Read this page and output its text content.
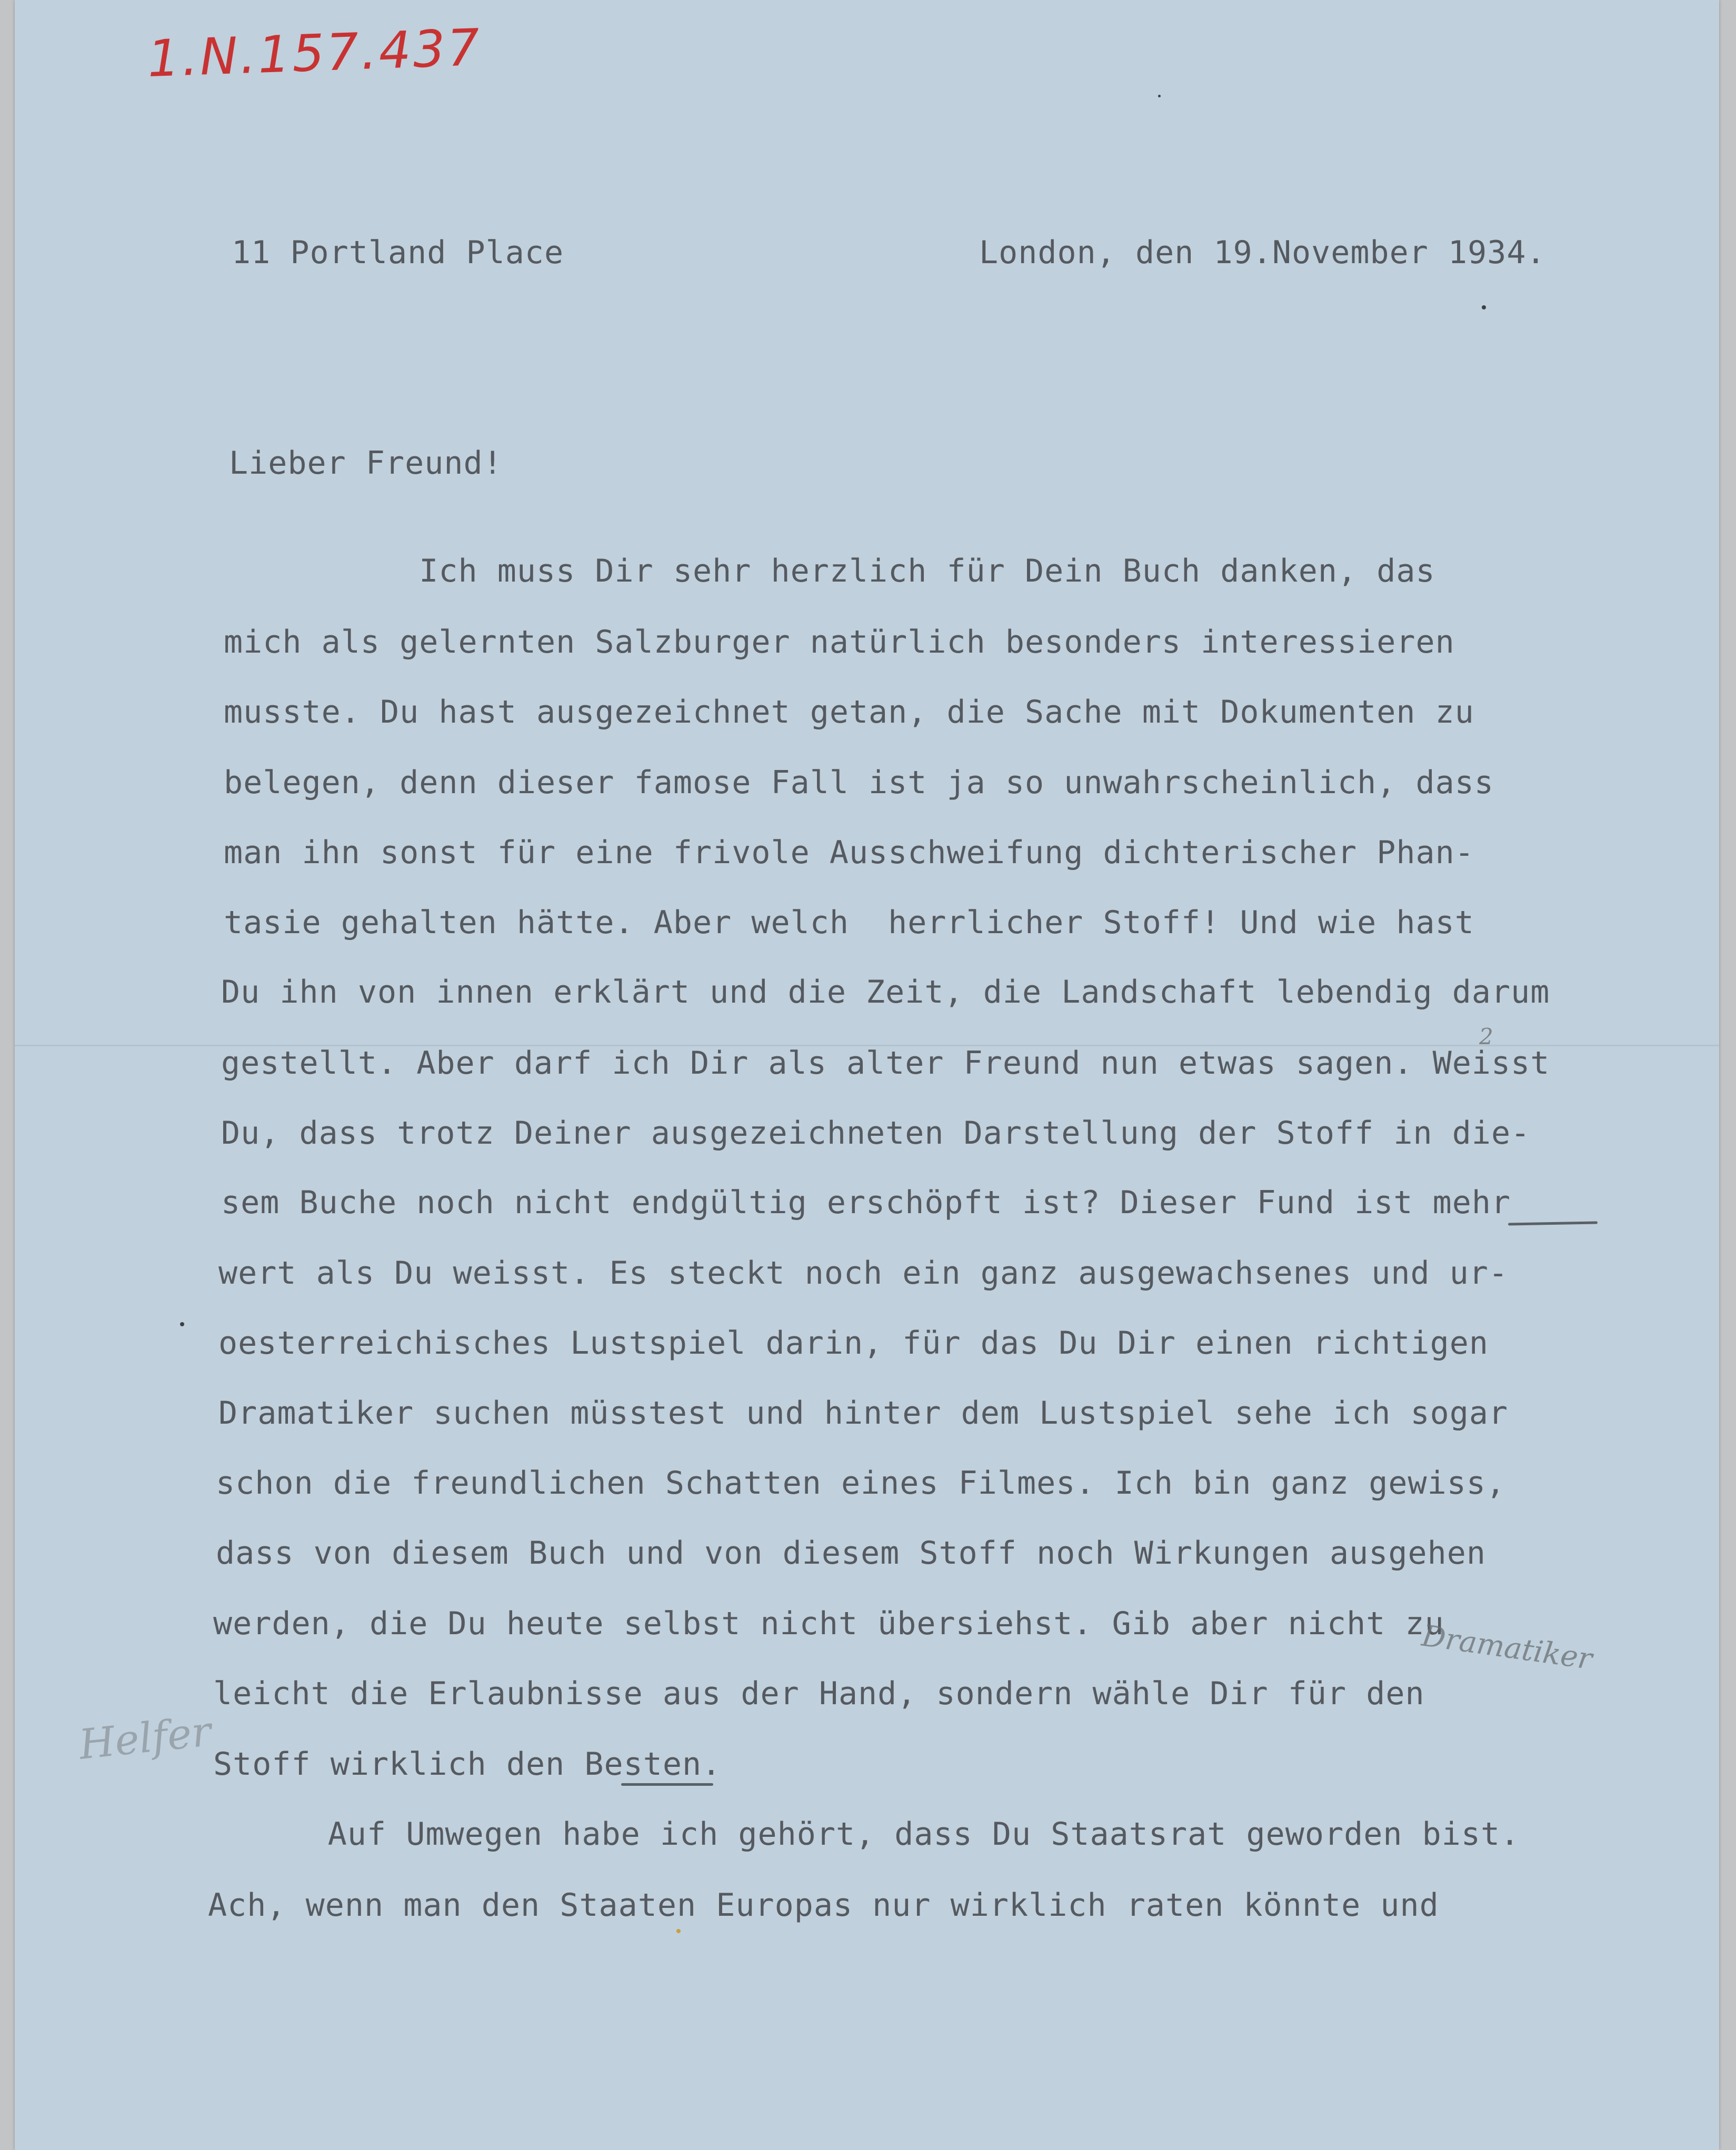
1.N.157.437
11 Portland Place	London, den 19.November 1934.
Lieber Freund!
Ich muss Dir sehr herzlich für Dein Buch danken, das
mich als gelernten Salzburger natürlich besonders interessieren
musste. Du hast ausgezeichnet getan, die Sache mit Dokumenten zu
belegen, denn dieser famose Fall ist ja so unwahrscheinlich, dass
man ihn sonst für eine frivole Ausschweifung dichterischer Phan-
tasie gehalten hätte. Aber welch  herrlicher Stoff! Und wie hast
Du ihn von innen erklärt und die Zeit, die Landschaft lebendig darum
gestellt. Aber darf ich Dir als alter Freund nun etwas sagen. Weisst
Du, dass trotz Deiner ausgezeichneten Darstellung der Stoff in die-
sem Buche noch nicht endgültig erschöpft ist? Dieser Fund ist mehr
wert als Du weisst. Es steckt noch ein ganz ausgewachsenes und ur-
oesterreichisches Lustspiel darin, für das Du Dir einen richtigen
Dramatiker suchen müsstest und hinter dem Lustspiel sehe ich sogar
schon die freundlichen Schatten eines Filmes. Ich bin ganz gewiss,
dass von diesem Buch und von diesem Stoff noch Wirkungen ausgehen
werden, die Du heute selbst nicht übersiehst. Gib aber nicht zu
leicht die Erlaubnisse aus der Hand, sondern wähle Dir für den
Stoff wirklich den Besten.
Auf Umwegen habe ich gehört, dass Du Staatsrat geworden bist.
Ach, wenn man den Staaten Europas nur wirklich raten könnte und
Helfer
Dramatiker
2
